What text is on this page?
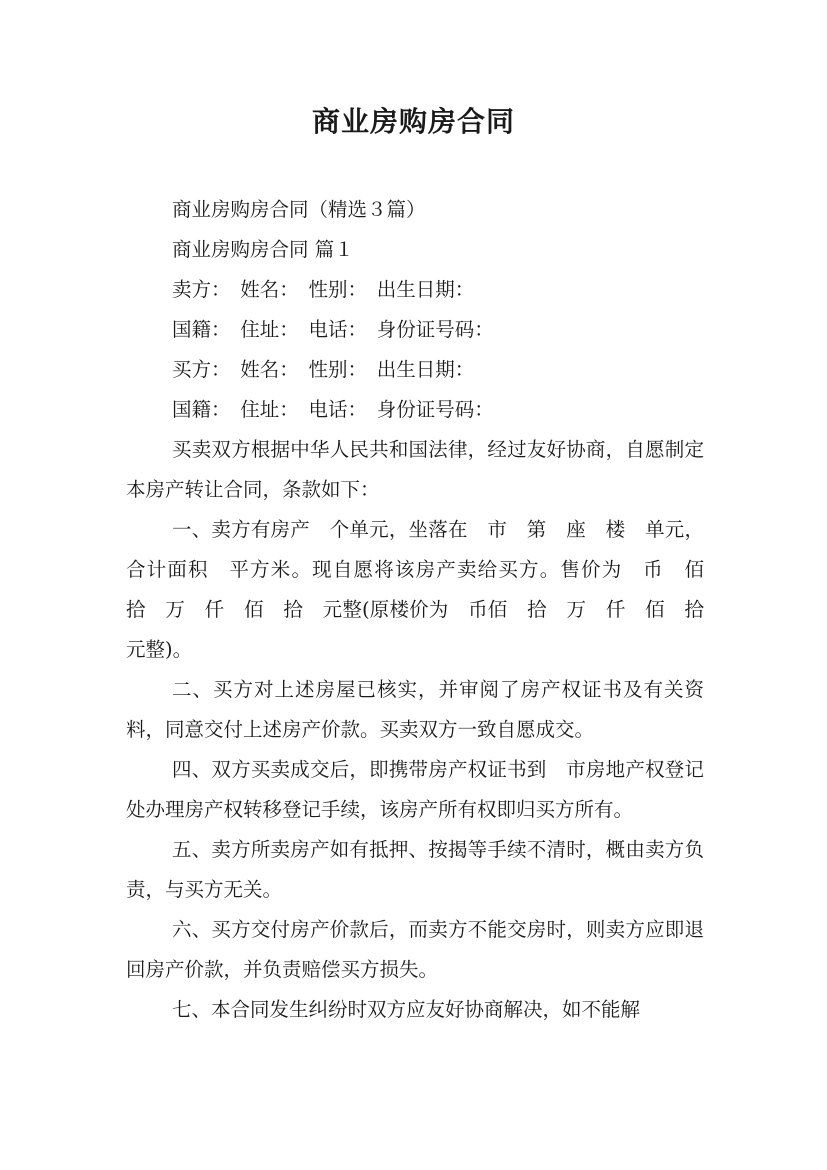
商业房购房合同

商业房购房合同（精选３篇）

商业房购房合同 篇１

卖方：　姓名：　性别：　出生日期：

国籍：　住址：　电话：　身份证号码：

买方：　姓名：　性别：　出生日期：

国籍：　住址：　电话：　身份证号码：

买卖双方根据中华人民共和国法律，经过友好协商，自愿制定本房产转让合同，条款如下：

一、卖方有房产　个单元，坐落在　市　第　座　楼　单元，合计面积　平方米。现自愿将该房产卖给买方。售价为　币　佰　拾　万　仟　佰　拾　元整(原楼价为　币佰　拾　万　仟　佰　拾　元整)。

二、买方对上述房屋已核实，并审阅了房产权证书及有关资料，同意交付上述房产价款。买卖双方一致自愿成交。

四、双方买卖成交后，即携带房产权证书到　市房地产权登记处办理房产权转移登记手续，该房产所有权即归买方所有。

五、卖方所卖房产如有抵押、按揭等手续不清时，概由卖方负责，与买方无关。

六、买方交付房产价款后，而卖方不能交房时，则卖方应即退回房产价款，并负责赔偿买方损失。

七、本合同发生纠纷时双方应友好协商解决，如不能解
